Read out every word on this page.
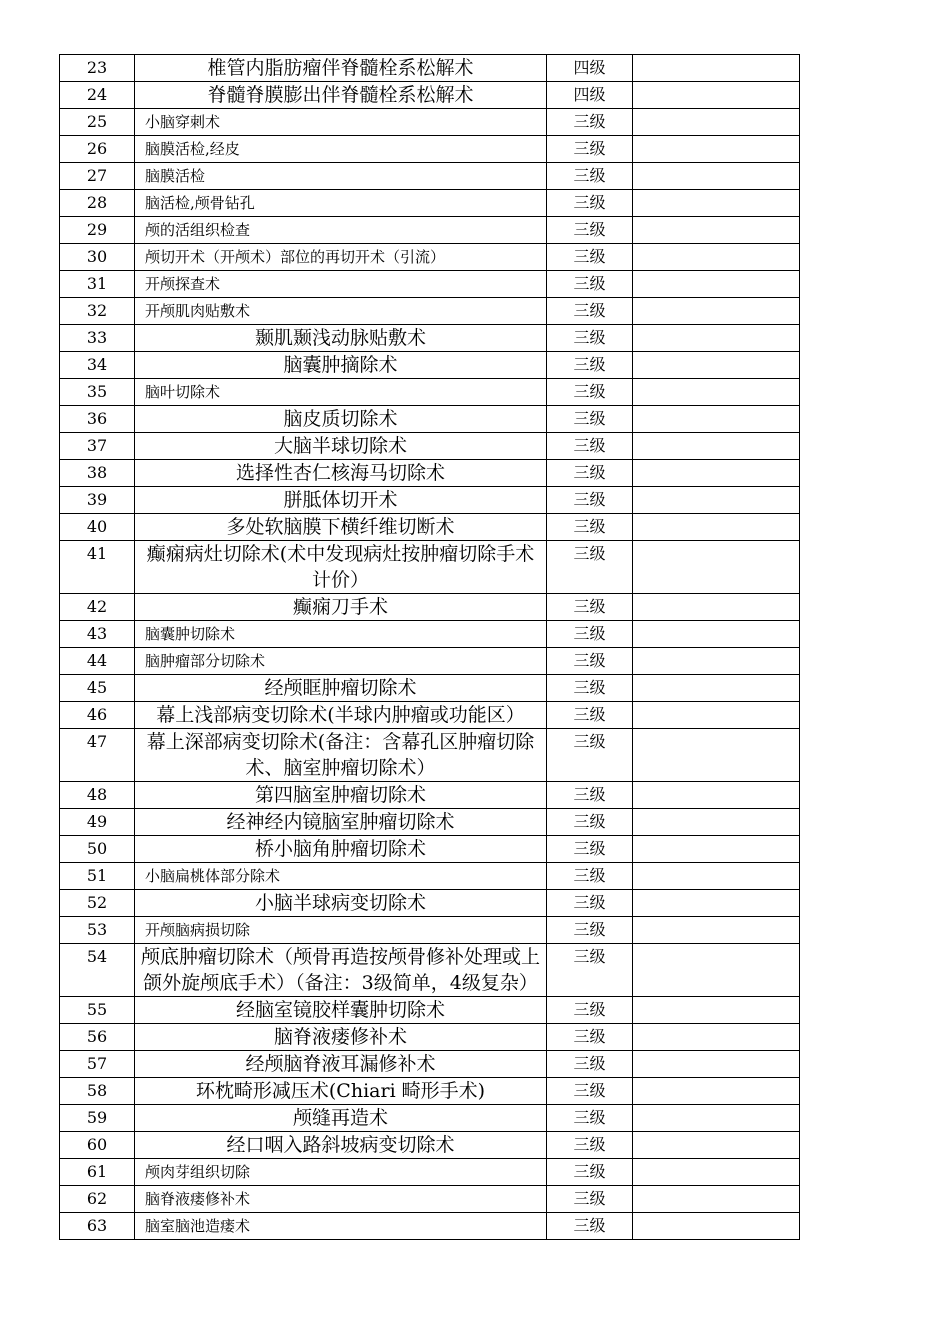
23	椎管内脂肪瘤伴脊髓栓系松解术	四级	
24	脊髓脊膜膨出伴脊髓栓系松解术	四级	
25	小脑穿刺术	三级	
26	脑膜活检,经皮	三级	
27	脑膜活检	三级	
28	脑活检,颅骨钻孔	三级	
29	颅的活组织检查	三级	
30	颅切开术（开颅术）部位的再切开术（引流）	三级	
31	开颅探查术	三级	
32	开颅肌肉贴敷术	三级	
33	颞肌颞浅动脉贴敷术	三级	
34	脑囊肿摘除术	三级	
35	脑叶切除术	三级	
36	脑皮质切除术	三级	
37	大脑半球切除术	三级	
38	选择性杏仁核海马切除术	三级	
39	胼胝体切开术	三级	
40	多处软脑膜下横纤维切断术	三级	
41	癫痫病灶切除术(术中发现病灶按肿瘤切除手术计价）	三级	
42	癫痫刀手术	三级	
43	脑囊肿切除术	三级	
44	脑肿瘤部分切除术	三级	
45	经颅眶肿瘤切除术	三级	
46	幕上浅部病变切除术(半球内肿瘤或功能区）	三级	
47	幕上深部病变切除术(备注：含幕孔区肿瘤切除术、脑室肿瘤切除术）	三级	
48	第四脑室肿瘤切除术	三级	
49	经神经内镜脑室肿瘤切除术	三级	
50	桥小脑角肿瘤切除术	三级	
51	小脑扁桃体部分除术	三级	
52	小脑半球病变切除术	三级	
53	开颅脑病损切除	三级	
54	颅底肿瘤切除术（颅骨再造按颅骨修补处理或上颌外旋颅底手术）（备注：3级简单，4级复杂）	三级	
55	经脑室镜胶样囊肿切除术	三级	
56	脑脊液瘘修补术	三级	
57	经颅脑脊液耳漏修补术	三级	
58	环枕畸形减压术(Chiari 畸形手术)	三级	
59	颅缝再造术	三级	
60	经口咽入路斜坡病变切除术	三级	
61	颅肉芽组织切除	三级	
62	脑脊液瘘修补术	三级	
63	脑室脑池造瘘术	三级	
